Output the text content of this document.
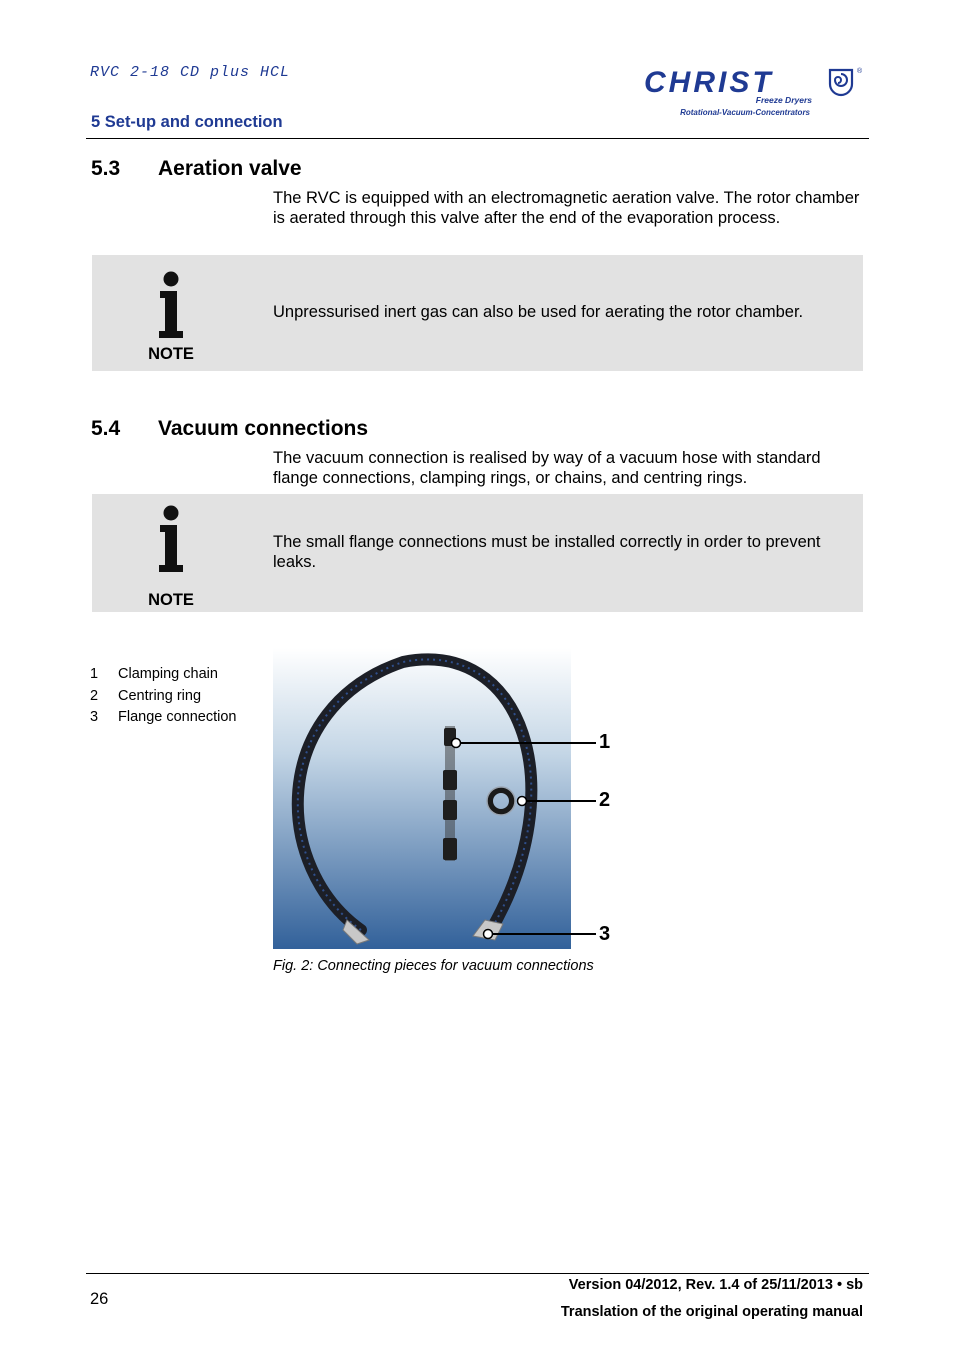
RVC 2-18 CD plus HCL
5 Set-up and connection
CHRIST	®
Freeze Dryers
Rotational-Vacuum-Concentrators
5.3 Aeration valve
The RVC is equipped with an electromagnetic aeration valve. The rotor chamber is aerated through this valve after the end of the evaporation process.
NOTE
Unpressurised inert gas can also be used for aerating the rotor chamber.
5.4 Vacuum connections
The vacuum connection is realised by way of a vacuum hose with standard flange connections, clamping rings, or chains, and centring rings.
NOTE
The small flange connections must be installed correctly in order to prevent leaks.
1 Clamping chain
2 Centring ring
3 Flange connection
1
2
3
Fig. 2: Connecting pieces for vacuum connections
26
Version 04/2012, Rev. 1.4 of 25/11/2013 • sb
Translation of the original operating manual
